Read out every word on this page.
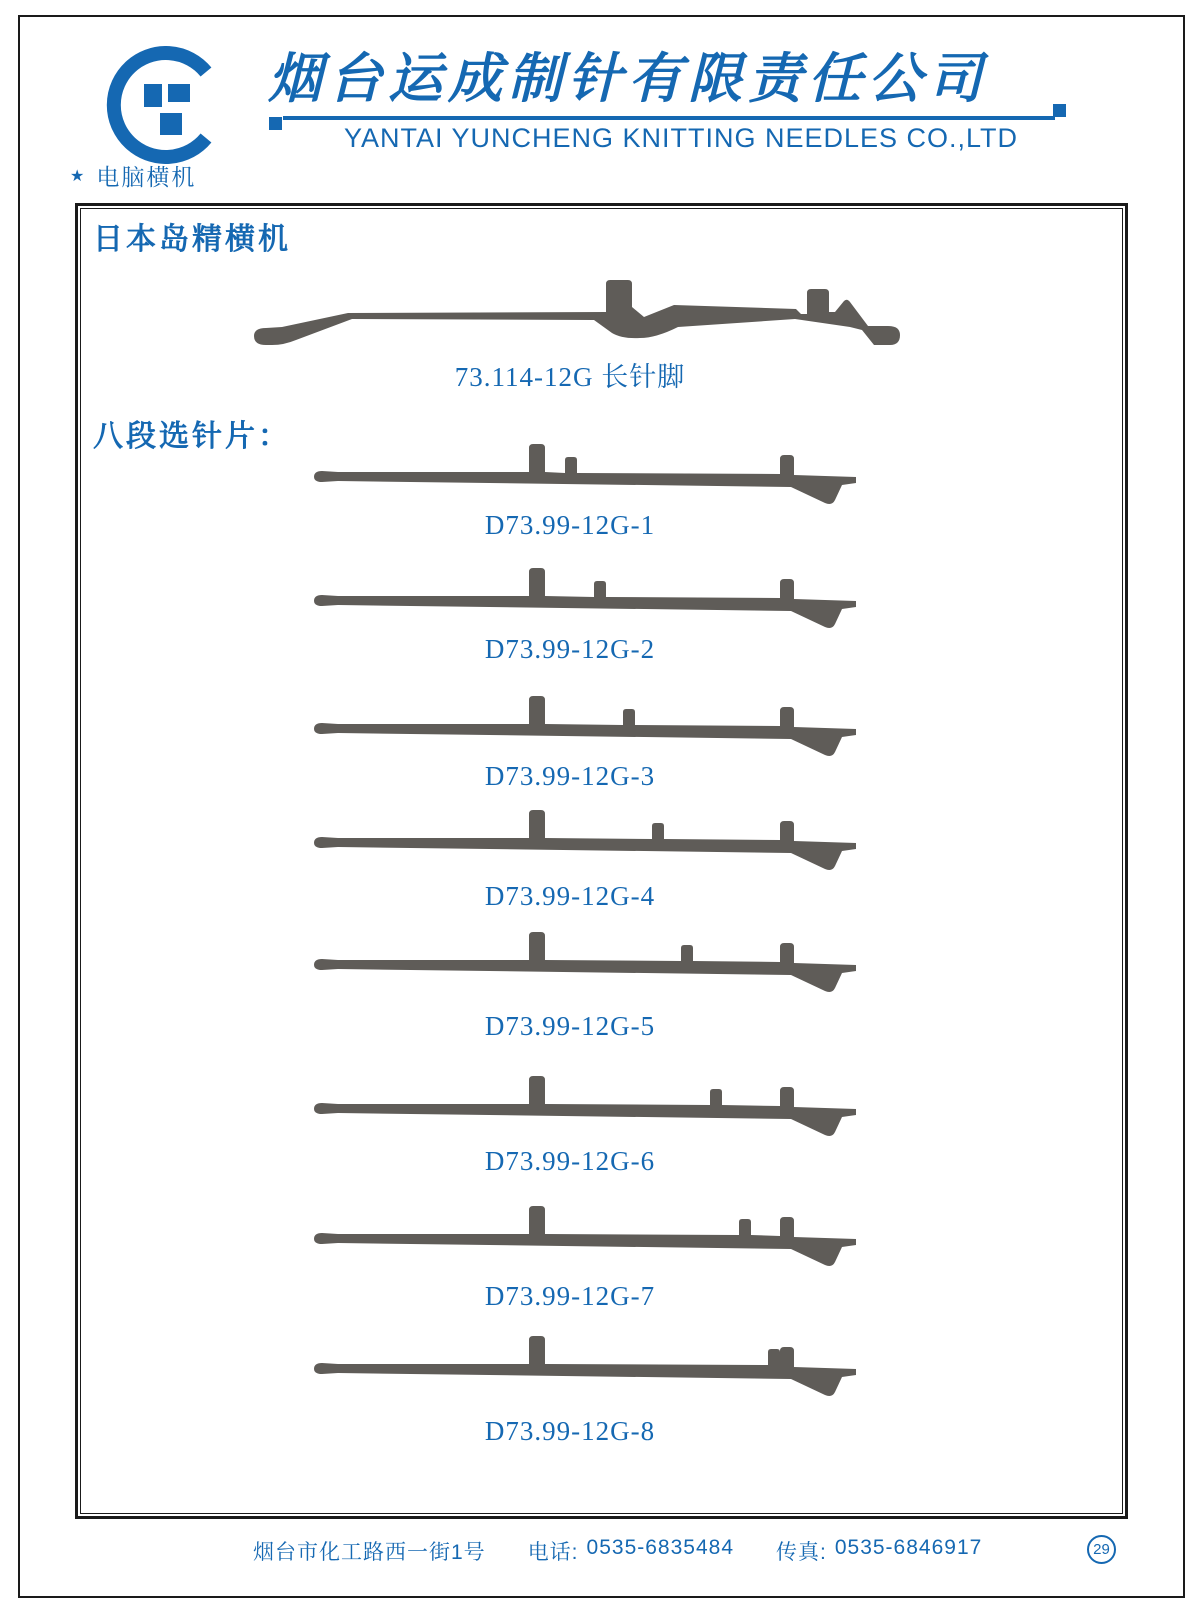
烟台运成制针有限责任公司
YANTAI YUNCHENG KNITTING NEEDLES CO.,LTD
★ 电脑横机
日本岛精横机
73.114-12G 长针脚
八段选针片：
D73.99-12G-1
D73.99-12G-2
D73.99-12G-3
D73.99-12G-4
D73.99-12G-5
D73.99-12G-6
D73.99-12G-7
D73.99-12G-8
烟台市化工路西一街1号 电话: 0535-6835484 传真: 0535-6846917	29
